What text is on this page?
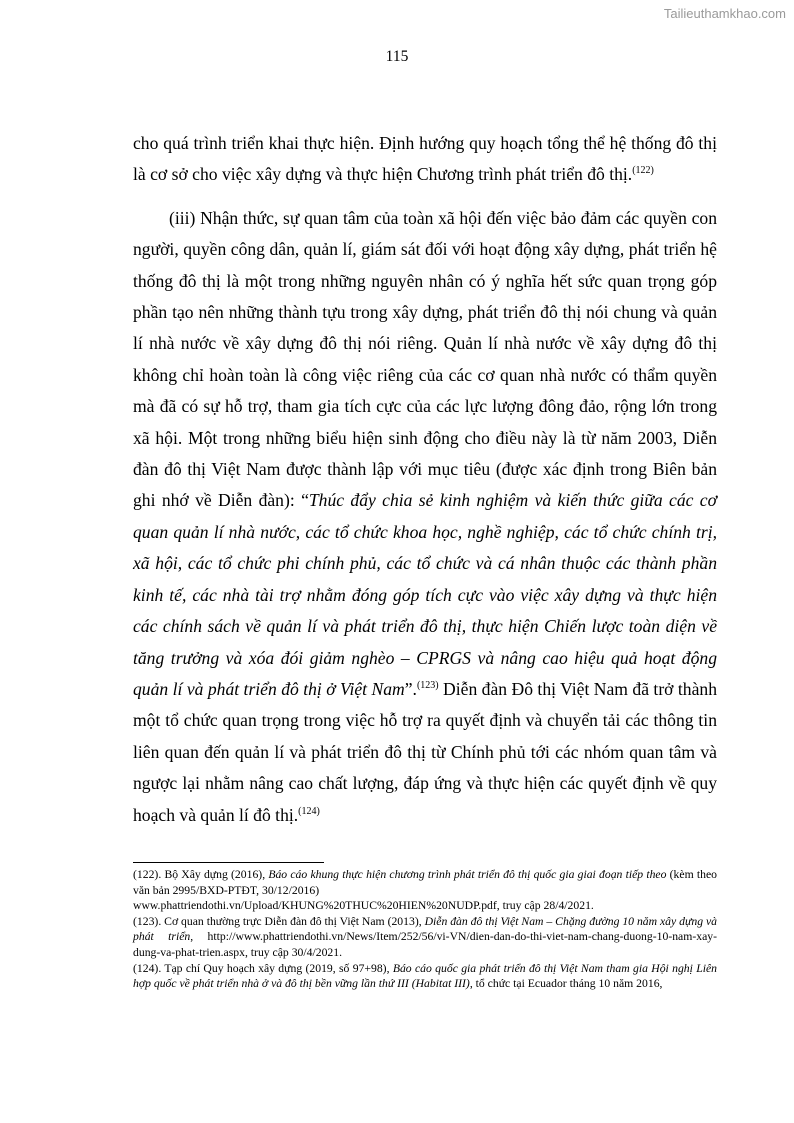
Tailieuthamkhao.com
115

cho quá trình triển khai thực hiện. Định hướng quy hoạch tổng thể hệ thống đô thị là cơ sở cho việc xây dựng và thực hiện Chương trình phát triển đô thị.$^{(122)}$

(iii) Nhận thức, sự quan tâm của toàn xã hội đến việc bảo đảm các quyền con người, quyền công dân, quản lí, giám sát đối với hoạt động xây dựng, phát triển hệ thống đô thị là một trong những nguyên nhân có ý nghĩa hết sức quan trọng góp phần tạo nên những thành tựu trong xây dựng, phát triển đô thị nói chung và quản lí nhà nước về xây dựng đô thị nói riêng. Quản lí nhà nước về xây dựng đô thị không chỉ hoàn toàn là công việc riêng của các cơ quan nhà nước có thẩm quyền mà đã có sự hỗ trợ, tham gia tích cực của các lực lượng đông đảo, rộng lớn trong xã hội. Một trong những biểu hiện sinh động cho điều này là từ năm 2003, Diễn đàn đô thị Việt Nam được thành lập với mục tiêu (được xác định trong Biên bản ghi nhớ về Diễn đàn): “Thúc đẩy chia sẻ kinh nghiệm và kiến thức giữa các cơ quan quản lí nhà nước, các tổ chức khoa học, nghề nghiệp, các tổ chức chính trị, xã hội, các tổ chức phi chính phủ, các tổ chức và cá nhân thuộc các thành phần kinh tế, các nhà tài trợ nhằm đóng góp tích cực vào việc xây dựng và thực hiện các chính sách về quản lí và phát triển đô thị, thực hiện Chiến lược toàn diện về tăng trưởng và xóa đói giảm nghèo – CPRGS và nâng cao hiệu quả hoạt động quản lí và phát triển đô thị ở Việt Nam”.$^{(123)}$ Diễn đàn Đô thị Việt Nam đã trở thành một tổ chức quan trọng trong việc hỗ trợ ra quyết định và chuyển tải các thông tin liên quan đến quản lí và phát triển đô thị từ Chính phủ tới các nhóm quan tâm và ngược lại nhằm nâng cao chất lượng, đáp ứng và thực hiện các quyết định về quy hoạch và quản lí đô thị.$^{(124)}$

(122). Bộ Xây dựng (2016), Báo cáo khung thực hiện chương trình phát triển đô thị quốc gia giai đoạn tiếp theo (kèm theo văn bản 2995/BXD-PTĐT, 30/12/2016)

www.phattriendothi.vn/Upload/KHUNG%20THUC%20HIEN%20NUDP.pdf, truy cập 28/4/2021.

(123). Cơ quan thường trực Diễn đàn đô thị Việt Nam (2013), Diễn đàn đô thị Việt Nam – Chặng đường 10 năm xây dựng và phát triển, http://www.phattriendothi.vn/News/Item/252/56/vi-VN/dien-dan-do-thi-viet-nam-chang-duong-10-nam-xay-dung-va-phat-trien.aspx, truy cập 30/4/2021.

(124). Tạp chí Quy hoạch xây dựng (2019, số 97+98), Báo cáo quốc gia phát triển đô thị Việt Nam tham gia Hội nghị Liên hợp quốc về phát triển nhà ở và đô thị bền vững lần thứ III (Habitat III), tổ chức tại Ecuador tháng 10 năm 2016,
